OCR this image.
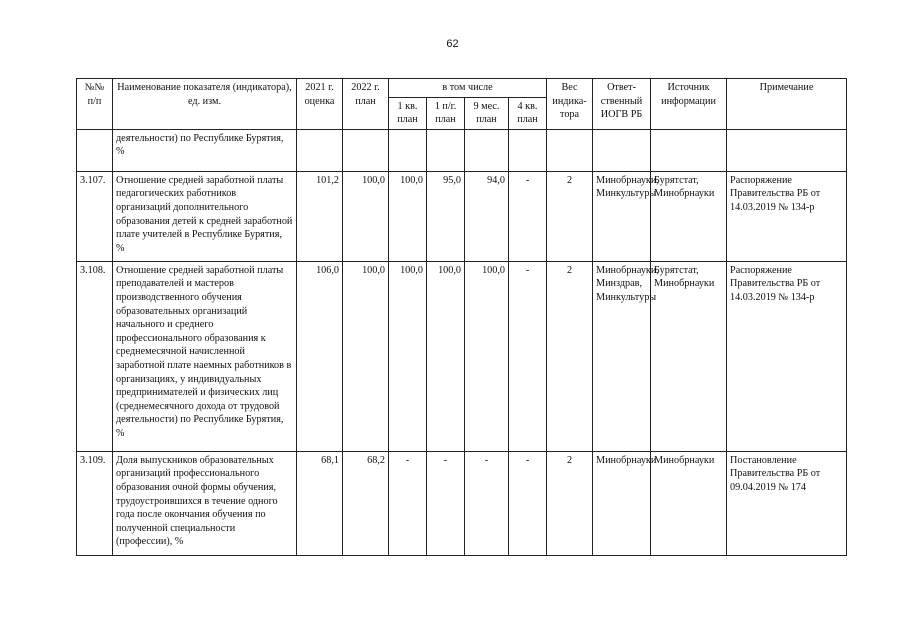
62
№№ п/п	Наименование показателя (индикатора), ед. изм.	2021 г. оценка	2022 г. план	в том числе				Вес индика-тора	Ответ-ственный ИОГВ РБ	Источник информации	Примечание
				1 кв. план	1 п/г. план	9 мес. план	4 кв. план				
	деятельности) по Республике Бурятия, %										
3.107.	Отношение средней заработной платы педагогических работников организаций дополнительного образования детей к средней заработной плате учителей в Республике Бурятия, %	101,2	100,0	100,0	95,0	94,0	-	2	Минобрнауки, Минкультуры	Бурятстат, Минобрнауки	Распоряжение Правительства РБ от 14.03.2019 № 134-р
3.108.	Отношение средней заработной платы преподавателей и мастеров производственного обучения образовательных организаций начального и среднего профессионального образования к среднемесячной начисленной заработной плате наемных работников в организациях, у индивидуальных предпринимателей и физических лиц (среднемесячного дохода от трудовой деятельности) по Республике Бурятия, %	106,0	100,0	100,0	100,0	100,0	-	2	Минобрнауки, Минздрав, Минкультуры	Бурятстат, Минобрнауки	Распоряжение Правительства РБ от 14.03.2019 № 134-р
3.109.	Доля выпускников образовательных организаций профессионального образования очной формы обучения, трудоустроившихся в течение одного года после окончания обучения по полученной специальности (профессии), %	68,1	68,2	-	-	-	-	2	Минобрнауки	Минобрнауки	Постановление Правительства РБ от 09.04.2019 № 174
